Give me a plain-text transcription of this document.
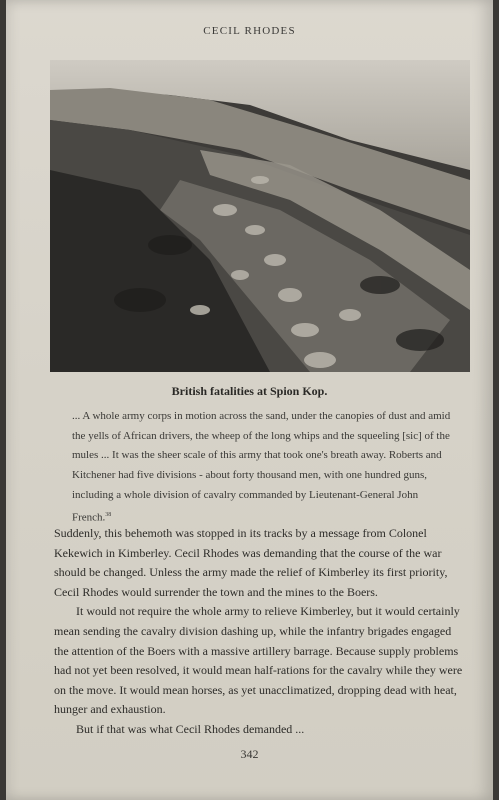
CECIL RHODES
British fatalities at Spion Kop.
... A whole army corps in motion across the sand, under the canopies of dust and amid the yells of African drivers, the wheep of the long whips and the squeeling [sic] of the mules ... It was the sheer scale of this army that took one's breath away. Roberts and Kitchener had five divisions - about forty thousand men, with one hundred guns, including a whole division of cavalry commanded by Lieutenant-General John French.$^{38}$

Suddenly, this behemoth was stopped in its tracks by a message from Colonel Kekewich in Kimberley. Cecil Rhodes was demanding that the course of the war should be changed. Unless the army made the relief of Kimberley its first priority, Cecil Rhodes would surrender the town and the mines to the Boers.

It would not require the whole army to relieve Kimberley, but it would certainly mean sending the cavalry division dashing up, while the infantry brigades engaged the attention of the Boers with a massive artillery barrage. Because supply problems had not yet been resolved, it would mean half-rations for the cavalry while they were on the move. It would mean horses, as yet unacclimatized, dropping dead with heat, hunger and exhaustion.

But if that was what Cecil Rhodes demanded ...

342
